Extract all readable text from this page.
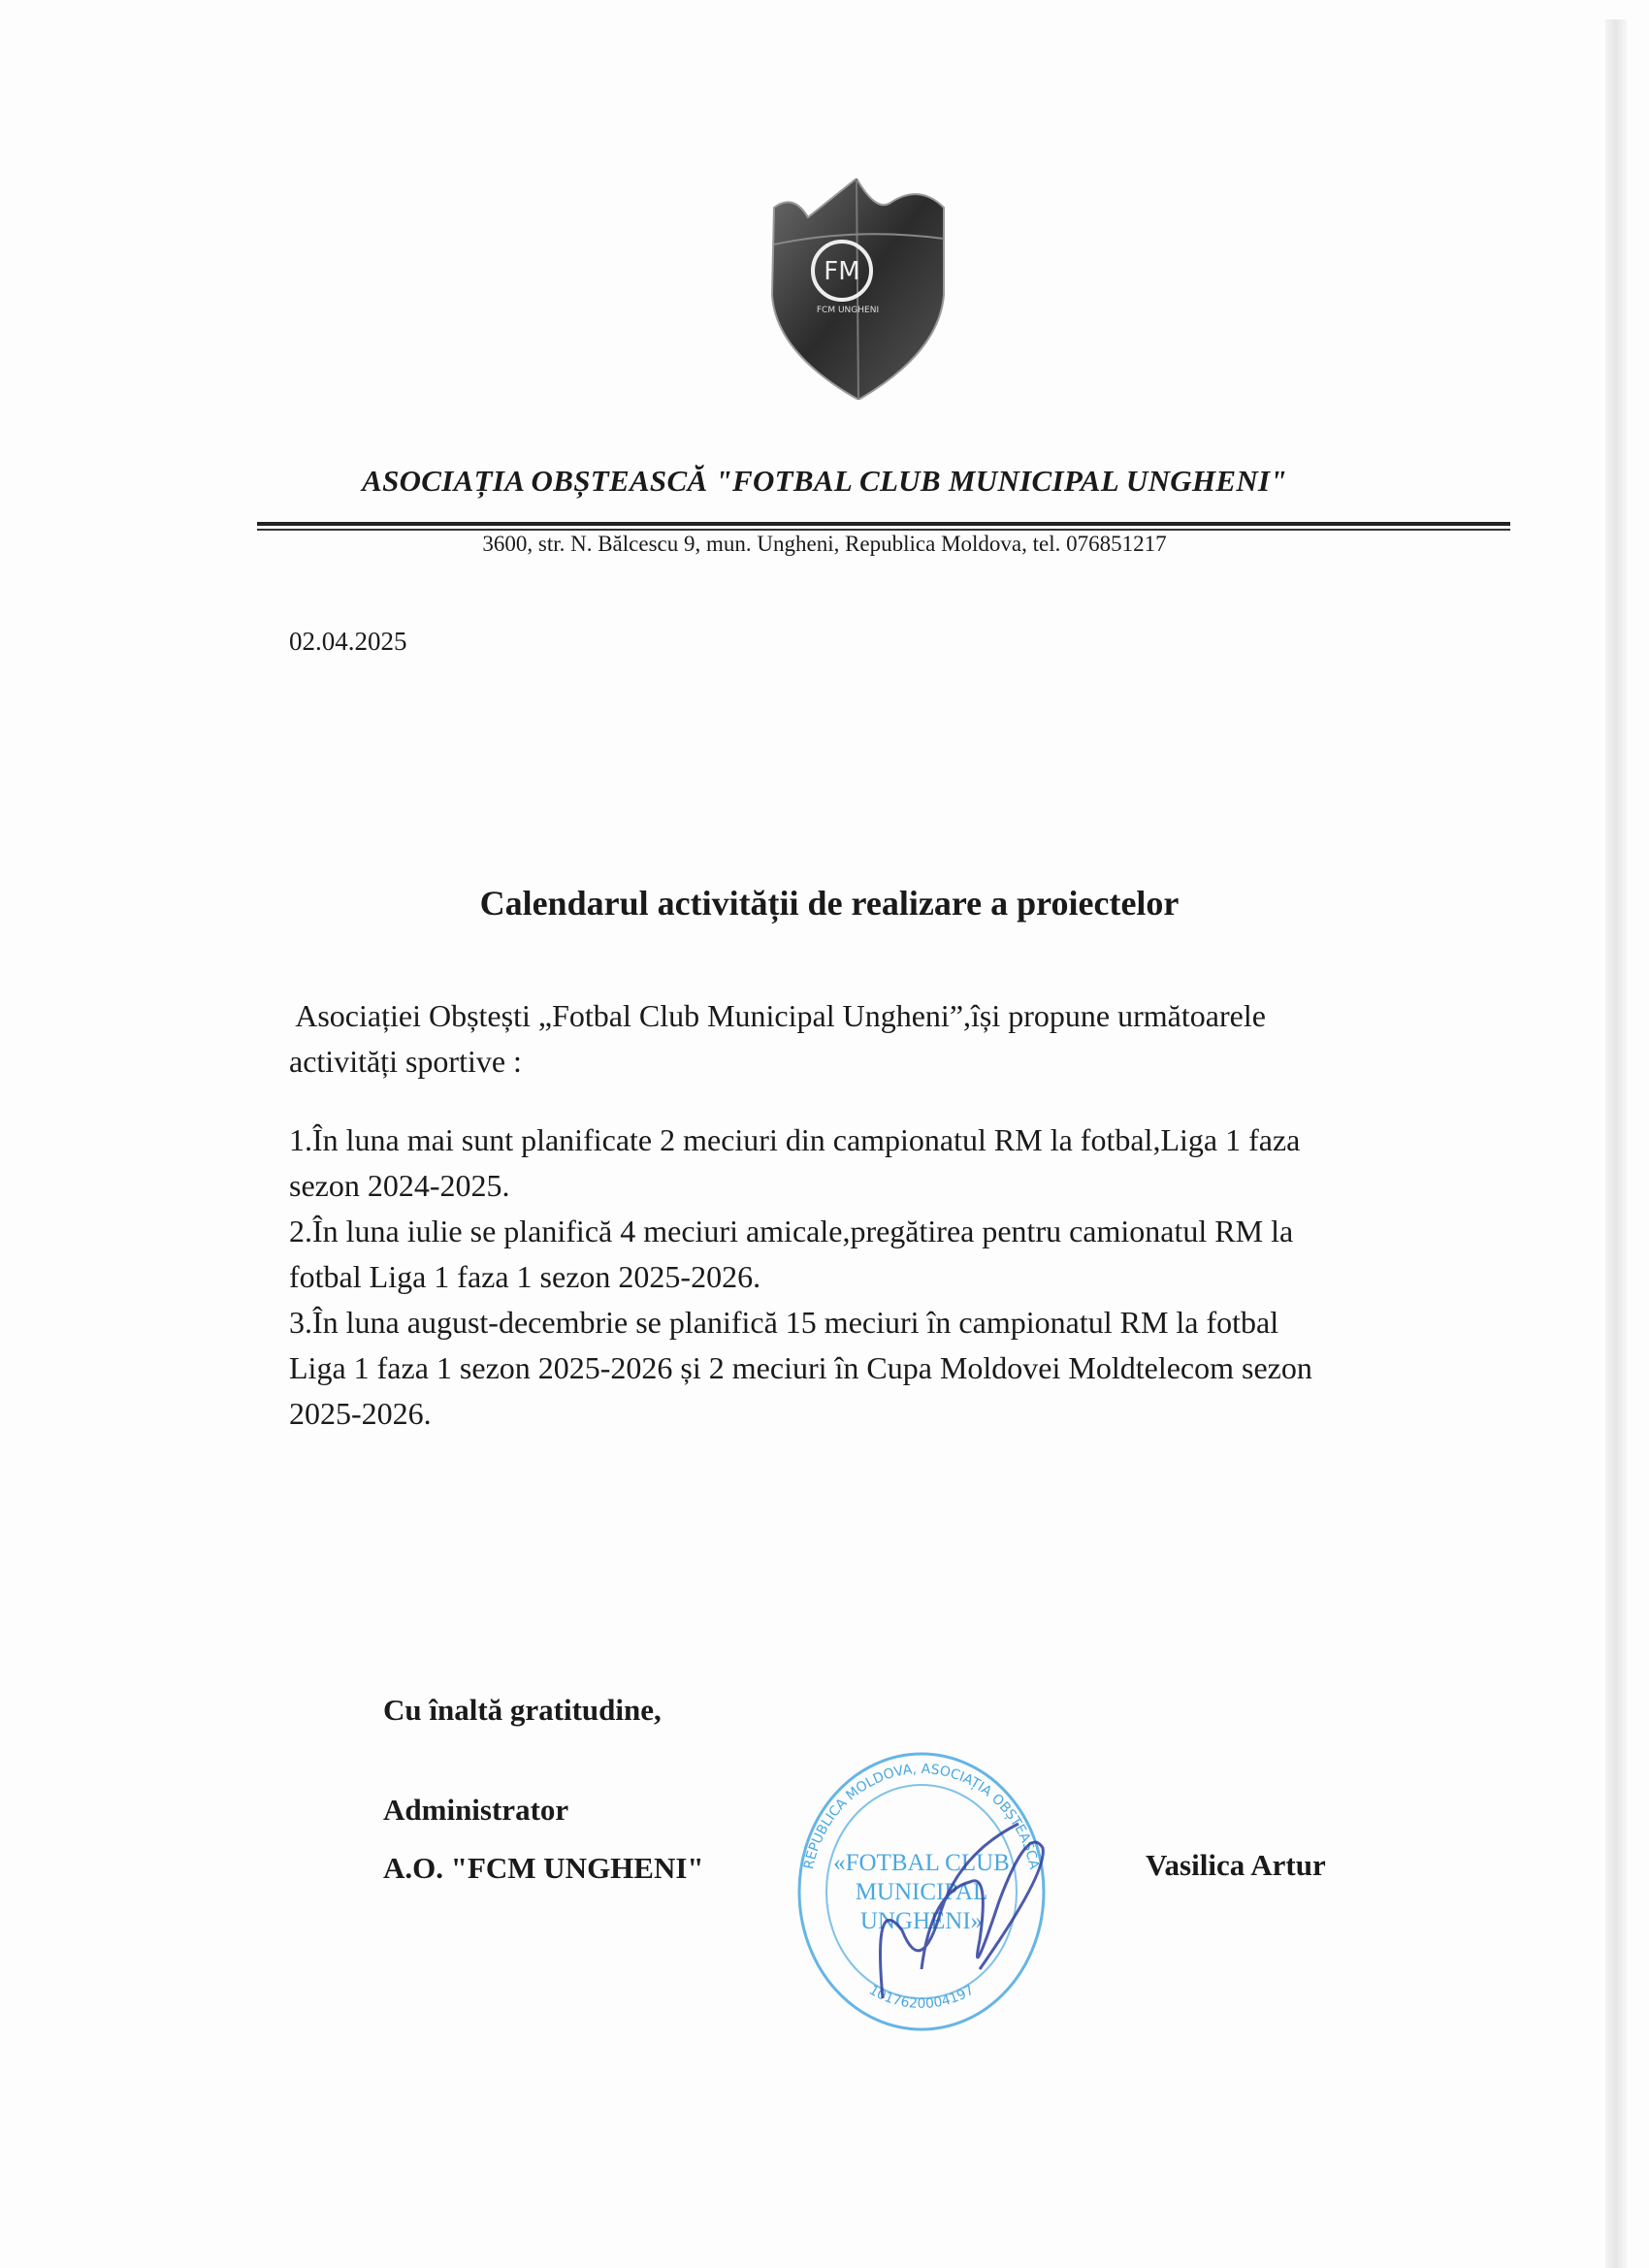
FM
FCM UNGHENI
ASOCIAȚIA OBȘTEASCĂ "FOTBAL CLUB MUNICIPAL UNGHENI"
3600, str. N. Bălcescu 9, mun. Ungheni, Republica Moldova, tel. 076851217
02.04.2025
Calendarul activității de realizare a proiectelor
Asociației Obștești „Fotbal Club Municipal Ungheni”,își propune următoarele
activități sportive :
1.În luna mai sunt planificate 2 meciuri din campionatul RM la fotbal,Liga 1 faza
sezon 2024-2025.
2.În luna iulie se planifică 4 meciuri amicale,pregătirea pentru camionatul RM la
fotbal Liga 1 faza 1 sezon 2025-2026.
3.În luna august-decembrie se planifică 15 meciuri în campionatul RM la fotbal
Liga 1 faza 1 sezon 2025-2026 și 2 meciuri în Cupa Moldovei Moldtelecom sezon
2025-2026.
Cu înaltă gratitudine,
Administrator
A.O. "FCM UNGHENI"	Vasilica Artur
REPUBLICA MOLDOVA, ASOCIAȚIA OBȘTEASCĂ
1017620004197
«FOTBAL CLUB
MUNICIPAL
UNGHENI»
